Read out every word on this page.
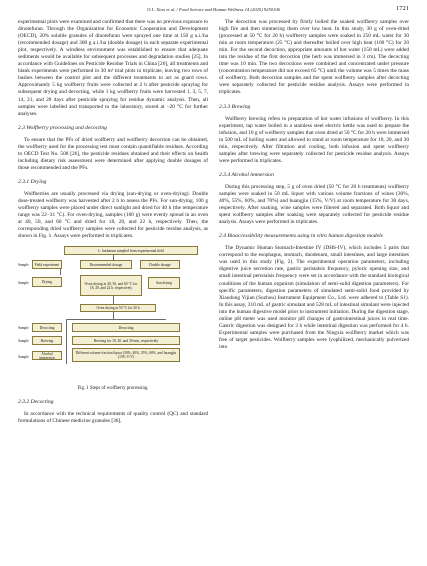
O.L. Xiao et al. / Food Science and Human Wellness 14 (2025) 9250106	1721

experimental plots were examined and confirmed that there was no previous exposure to dinotefuran. Through the Organization for Economic Cooperation and Development (OECD), 20% soluble granules of dinotefuran were sprayed one time at 150 g a.i./ha (recommended dosage) and 300 g a.i./ha (double dosage) in each separate experimental plot, respectively. A windless environment was established to ensure that adequate sediments would be available for subsequent processes and degradation studies [25]. In accordance with Guidelines on Pesticide Residue Trials in China [26], all treatments and blank experiments were performed in 30 m² trial plots in triplicate, leaving two rows of bushes between the control plot and the different treatments to act as guard rows. Approximately 5 kg wolfberry fruits were collected at 2 h after pesticide spraying for subsequent drying and decocting, while 1 kg wolfberry fruits were harvested 1, 3, 5, 7, 14, 21, and 28 days after pesticide spraying for residue dynamic analysis. Then, all samples were labelled and transported to the laboratory, stored at −20 °C for further analyses.

2.3 Wolfberry processing and decocting

To ensure that the PFs of dried wolfberry and wolfberry decoction can be obtained, the wolfberry used for the processing test must contain quantifiable residues. According to OECD Test No. 508 [26], the pesticide residues obtained and their effects on health including dietary risk assessment were determined after applying double dosages of those recommended and the PFs.

2.3.1 Drying

Wolfberries are usually processed via drying (sun-drying or oven-drying). Double dose-treated wolfberry was harvested after 2 h to assess the PFs. For sun-drying, 100 g wolfberry samples were placed under direct sunlight and dried for 40 h (the temperature range was 22−31 °C). For oven-drying, samples (100 g) were evenly spread in an oven at 40, 50, and 60 °C and dried for 18, 20, and 22 h, respectively. Then, the corresponding dried wolfberry samples were collected for pesticide residue analysis, as shown in Fig. 1. Assays were performed in triplicates.

L. barbarum sampled from experimental field
Sample	Field experiment	Recommended dosage	Double dosage
Sample	Drying	Oven drying at 40, 50, and 60 °C for 18, 20, and 22 h, respectively
Sun drying
Oven drying at 50 °C for 20 h
Sample	Decocting	Decocting
Sample	Brewing	Brewing for 10, 20, and 30 min, respectively
Sample
Alcohol immersion
Different volume fraction liquor (30%, 40%, 55%, 60%, and huangjiu (15% V/V)
Fig. 1 Steps of wolfberry processing.
2.3.2 Decocting

In accordance with the technical requirements of quality control (QC) and standard formulations of Chinese medicine granules [36],

The decoction was processed by firstly boiled the soaked wolfberry samples over high fire and then simmering them over low heat. In this study, 30 g of oven-dried (processed at 50 °C for 20 h) wolfberry samples were soaked in 250 mL water for 30 min at room temperature (25 °C) and thereafter boiled over high heat (100 °C) for 20 min. For the second decoction, appropriate amounts of hot water (150 mL) were added into the residue of the first decoction (the herb was immersed in 3 cm). The decocting time was 10 min. The two decoctions were combined and concentrated under pressure (concentration temperature did not exceed 65 °C) until the volume was 5 times the mass of wolfberry. Both decoction samples and the spent wolfberry samples after decocting were separately collected for pesticide residue analysis. Assays were performed in triplicates.

2.3.3 Brewing

Wolfberry brewing refers to preparation of hot water infusions of wolfberry. In this experiment, tap water boiled in a stainless steel electric kettle was used to prepare the infusion, and 10 g of wolfberry samples that oven dried at 50 °C for 20 h were immersed in 500 mL of boiling water and allowed to stand at room temperature for 10, 20, and 30 min, respectively. After filtration and cooling, both infusion and spent wolfberry samples after brewing were separately collected for pesticide residue analysis. Assays were performed in triplicates.

2.3.4 Alcohol immersion

During this processing step, 5 g of oven dried (50 °C for 20 h treatments) wolfberry samples were soaked in 50 mL liquor with various volume fractions of wines (30%, 40%, 55%, 60%, and 70%) and huangjiu (15%, V/V) at room temperature for 30 days, respectively. After soaking, wine samples were filtered and separated. Both liquor and spent wolfberry samples after soaking were separately collected for pesticide residue analysis. Assays were performed in triplicates.

2.4 Bioaccessibility measurements using in vitro human digestion models

The Dynamic Human Stomach-Intestine IV (DHS-IV), which includes 5 parts that correspond to the esophagus, stomach, duodenum, small intestines, and large intestines was used in this study (Fig. 2). The experimental operation parameters, including digestive juice secretion rate, gastric peristalsis frequency, pyloric opening size, and small intestinal peristalsis frequency were set in accordance with the standard biological conditions of the human organism (simulation of semi-solid digestion parameters). For specific parameters, digestion parameters of simulated semi-solid food provided by Xiaodong Yijian (Suzhou) Instrument Equipment Co., Ltd. were adhered to (Table S1). In this assay, 310 mL of gastric simulant and 528 mL of intestinal simulant were injected into the human digestive model prior to instrument initiation. During the digestion stage, online pH meter was used monitor pH changes of gastrointestinal juices in real time. Gastric digestion was designed for 3 h while intestinal digestion was performed for 4 h. Experimental samples were purchased from the Ningxia wolfberry market which was free of target pesticides. Wolfberry samples were lyophilized, mechanically pulverized into
